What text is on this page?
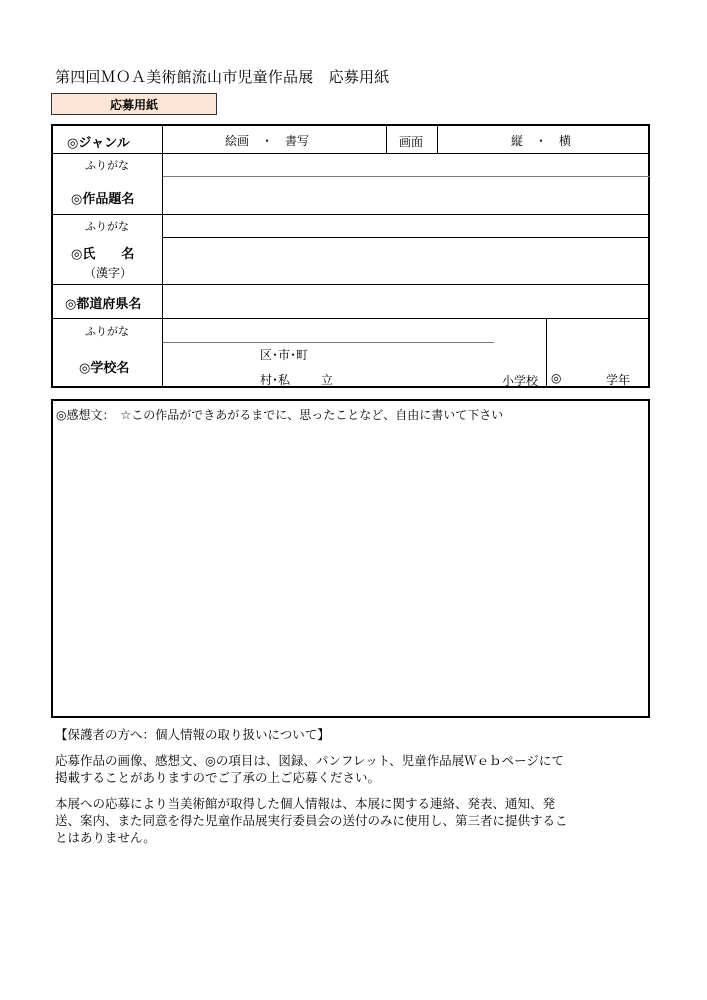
第四回ＭＯＡ美術館流山市児童作品展　応募用紙
応募用紙
◎ジャンル	絵画　・　書写	画面	縦　・　横
ふりがな
◎作品題名
ふりがな
◎氏　　名
（漢字）
◎都道府県名
ふりがな
◎学校名
区･市･町
村･私	立	小学校 ◎	学年
◎感想文：　☆この作品ができあがるまでに、思ったことなど、自由に書いて下さい
【保護者の方へ：個人情報の取り扱いについて】
応募作品の画像、感想文、◎の項目は、図録、パンフレット、児童作品展Ｗｅｂページにて
掲載することがありますのでご了承の上ご応募ください。
本展への応募により当美術館が取得した個人情報は、本展に関する連絡、発表、通知、発
送、案内、また同意を得た児童作品展実行委員会の送付のみに使用し、第三者に提供するこ
とはありません。
